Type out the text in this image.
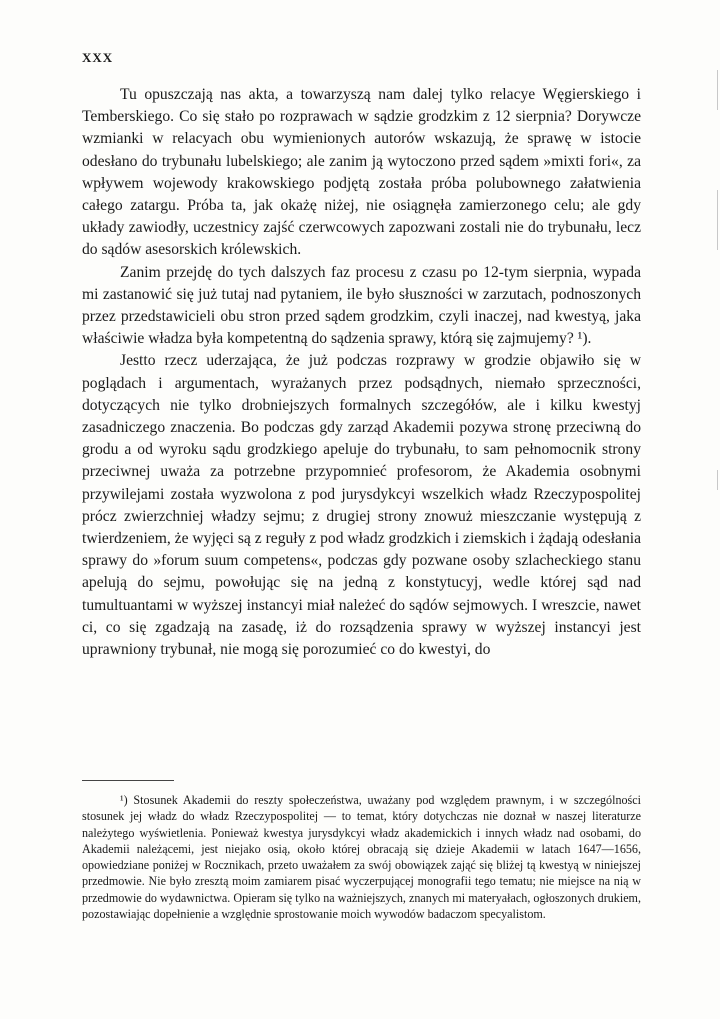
XXX

Tu opuszczają nas akta, a towarzyszą nam dalej tylko relacye Węgierskiego i Temberskiego. Co się stało po rozprawach w sądzie grodzkim z 12 sierpnia? Dorywcze wzmianki w relacyach obu wymienionych autorów wskazują, że sprawę w istocie odesłano do trybunału lubelskiego; ale zanim ją wytoczono przed sądem »mixti fori«, za wpływem wojewody krakowskiego podjętą została próba polubownego załatwienia całego zatargu. Próba ta, jak okażę niżej, nie osiągnęła zamierzonego celu; ale gdy układy zawiodły, uczestnicy zajść czerwcowych zapozwani zostali nie do trybunału, lecz do sądów asesorskich królewskich.

Zanim przejdę do tych dalszych faz procesu z czasu po 12-tym sierpnia, wypada mi zastanowić się już tutaj nad pytaniem, ile było słuszności w zarzutach, podnoszonych przez przedstawicieli obu stron przed sądem grodzkim, czyli inaczej, nad kwestyą, jaka właściwie władza była kompetentną do sądzenia sprawy, którą się zajmujemy? ¹).

Jestto rzecz uderzająca, że już podczas rozprawy w grodzie objawiło się w poglądach i argumentach, wyrażanych przez podsądnych, niemało sprzeczności, dotyczących nie tylko drobniejszych formalnych szczegółów, ale i kilku kwestyj zasadniczego znaczenia. Bo podczas gdy zarząd Akademii pozywa stronę przeciwną do grodu a od wyroku sądu grodzkiego apeluje do trybunału, to sam pełnomocnik strony przeciwnej uważa za potrzebne przypomnieć profesorom, że Akademia osobnymi przywilejami została wyzwolona z pod jurysdykcyi wszelkich władz Rzeczypospolitej prócz zwierzchniej władzy sejmu; z drugiej strony znowuż mieszczanie występują z twierdzeniem, że wyjęci są z reguły z pod władz grodzkich i ziemskich i żądają odesłania sprawy do »forum suum competens«, podczas gdy pozwane osoby szlacheckiego stanu apelują do sejmu, powołując się na jedną z konstytucyj, wedle której sąd nad tumultuantami w wyższej instancyi miał należeć do sądów sejmowych. I wreszcie, nawet ci, co się zgadzają na zasadę, iż do rozsądzenia sprawy w wyższej instancyi jest uprawniony trybunał, nie mogą się porozumieć co do kwestyi, do

¹) Stosunek Akademii do reszty społeczeństwa, uważany pod względem prawnym, i w szczególności stosunek jej władz do władz Rzeczypospolitej — to temat, który dotychczas nie doznał w naszej literaturze należytego wyświetlenia. Ponieważ kwestya jurysdykcyi władz akademickich i innych władz nad osobami, do Akademii należącemi, jest niejako osią, około której obracają się dzieje Akademii w latach 1647—1656, opowiedziane poniżej w Rocznikach, przeto uważałem za swój obowiązek zająć się bliżej tą kwestyą w niniejszej przedmowie. Nie było zresztą moim zamiarem pisać wyczerpującej monografii tego tematu; nie miejsce na nią w przedmowie do wydawnictwa. Opieram się tylko na ważniejszych, znanych mi materyałach, ogłoszonych drukiem, pozostawiając dopełnienie a względnie sprostowanie moich wywodów badaczom specyalistom.
